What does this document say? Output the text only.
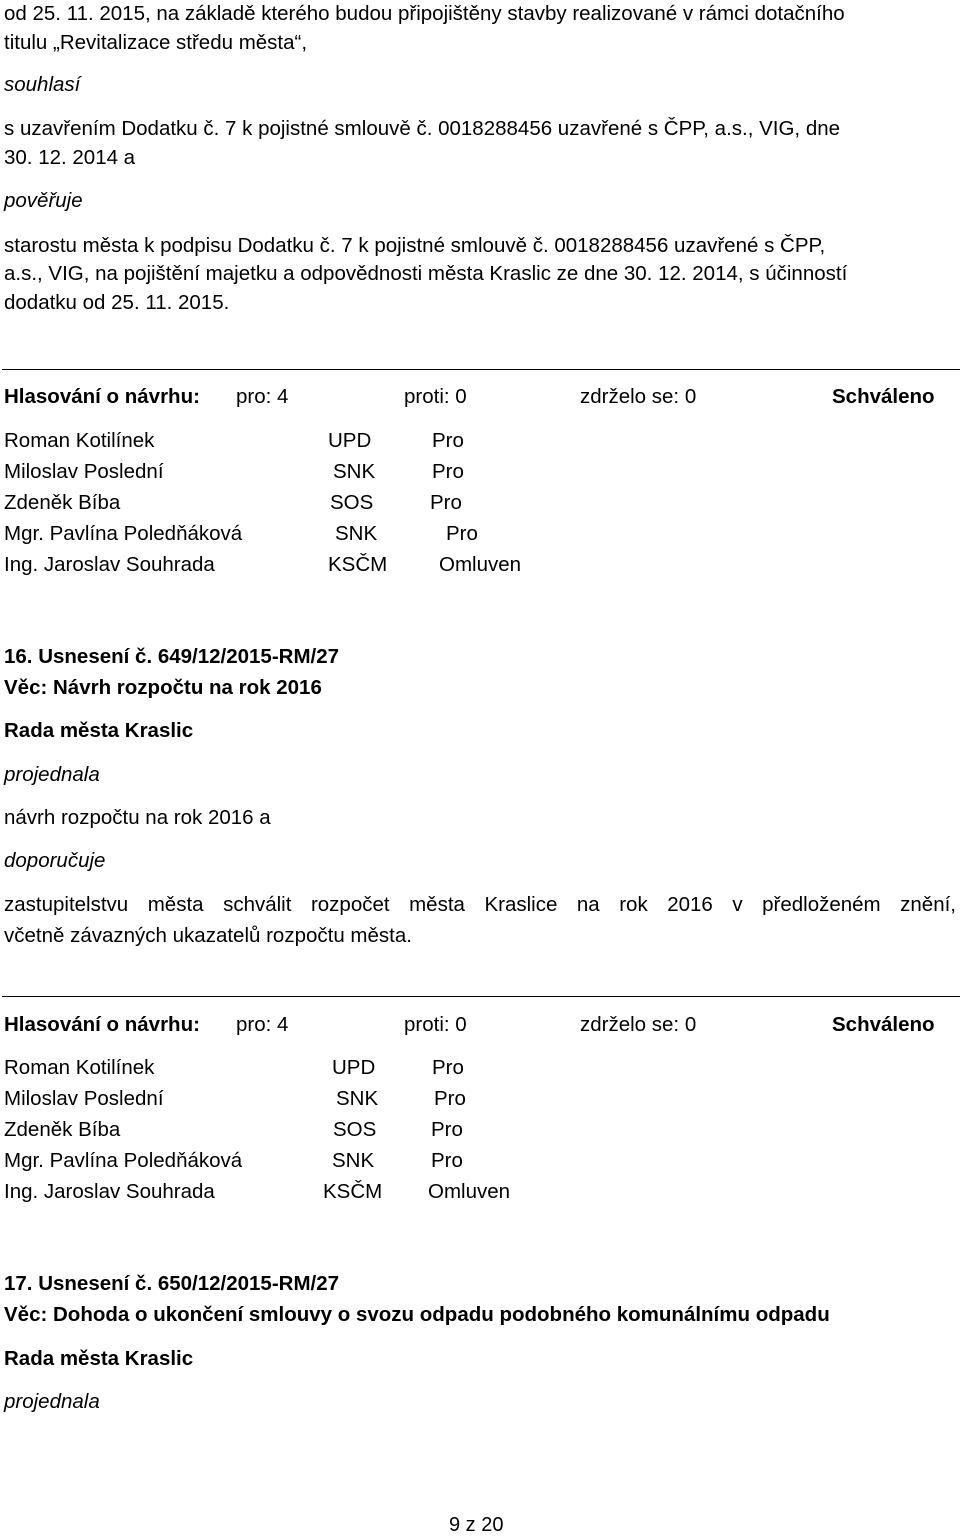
od 25. 11. 2015, na základě kterého budou připojištěny stavby realizované v rámci dotačního
titulu „Revitalizace středu města“,
souhlasí
s uzavřením Dodatku č. 7 k pojistné smlouvě č. 0018288456 uzavřené s ČPP, a.s., VIG, dne
30. 12. 2014 a
pověřuje
starostu města k podpisu Dodatku č. 7 k pojistné smlouvě č. 0018288456 uzavřené s ČPP,
a.s., VIG, na pojištění majetku a odpovědnosti města Kraslic ze dne 30. 12. 2014, s účinností
dodatku od 25. 11. 2015.
Hlasování o návrhu: pro: 4	proti: 0	zdrželo se: 0	Schváleno
Roman Kotilínek	UPD	Pro
Miloslav Poslední	SNK	Pro
Zdeněk Bíba	SOS	Pro
Mgr. Pavlína Poledňáková	SNK	Pro
Ing. Jaroslav Souhrada	KSČM	Omluven
16. Usnesení č. 649/12/2015-RM/27
Věc: Návrh rozpočtu na rok 2016
Rada města Kraslic
projednala
návrh rozpočtu na rok 2016 a
doporučuje
zastupitelstvu města schválit rozpočet města Kraslice na rok 2016 v předloženém znění,
včetně závazných ukazatelů rozpočtu města.
Hlasování o návrhu: pro: 4	proti: 0	zdrželo se: 0	Schváleno
Roman Kotilínek	UPD	Pro
Miloslav Poslední	SNK	Pro
Zdeněk Bíba	SOS	Pro
Mgr. Pavlína Poledňáková	SNK	Pro
Ing. Jaroslav Souhrada	KSČM Omluven
17. Usnesení č. 650/12/2015-RM/27
Věc: Dohoda o ukončení smlouvy o svozu odpadu podobného komunálnímu odpadu
Rada města Kraslic
projednala
9 z 20
